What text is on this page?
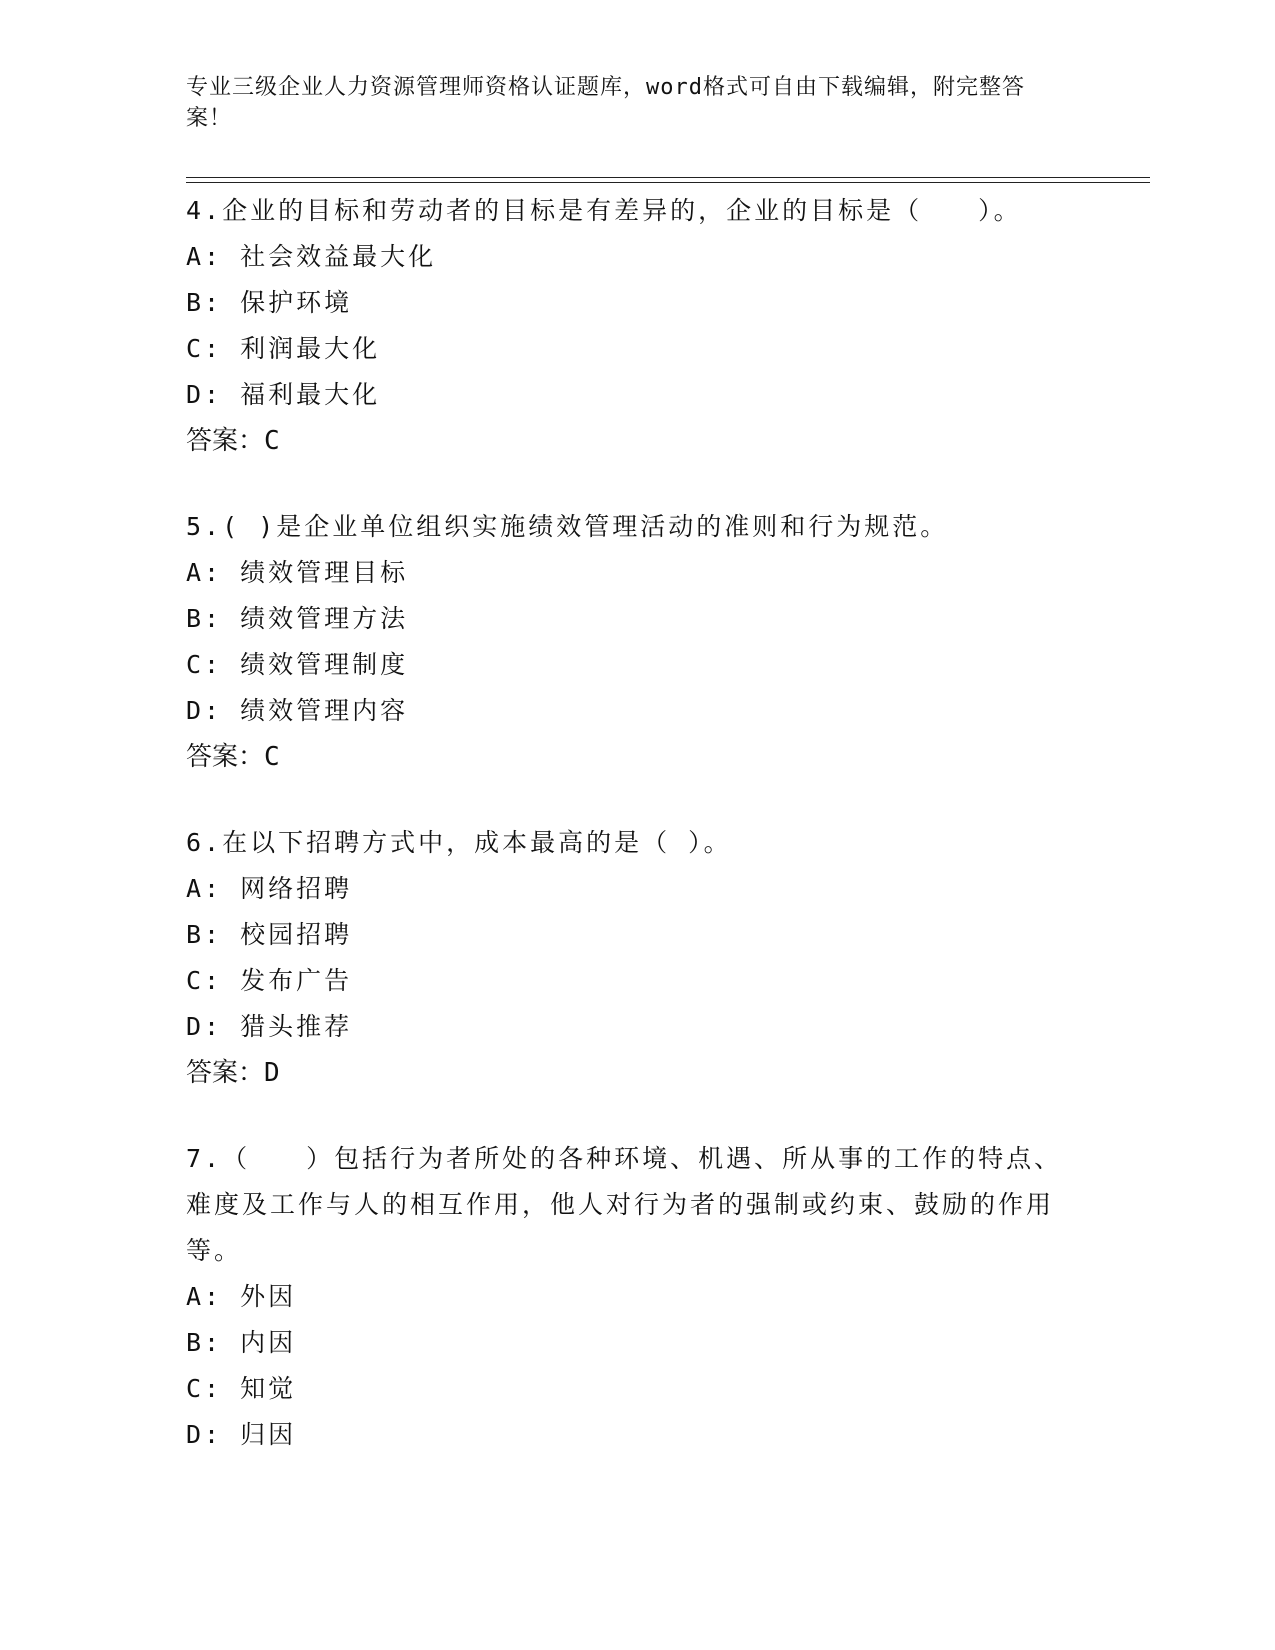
专业三级企业人力资源管理师资格认证题库，word格式可自由下载编辑，附完整答案！

4.企业的目标和劳动者的目标是有差异的，企业的目标是（　　）。

A: 社会效益最大化

B: 保护环境

C: 利润最大化

D: 福利最大化

答案：C

5.( )是企业单位组织实施绩效管理活动的准则和行为规范。

A: 绩效管理目标

B: 绩效管理方法

C: 绩效管理制度

D: 绩效管理内容

答案：C

6.在以下招聘方式中，成本最高的是（ ）。

A: 网络招聘

B: 校园招聘

C: 发布广告

D: 猎头推荐

答案：D

7.（　　）包括行为者所处的各种环境、机遇、所从事的工作的特点、难度及工作与人的相互作用，他人对行为者的强制或约束、鼓励的作用等。

A: 外因

B: 内因

C: 知觉

D: 归因
